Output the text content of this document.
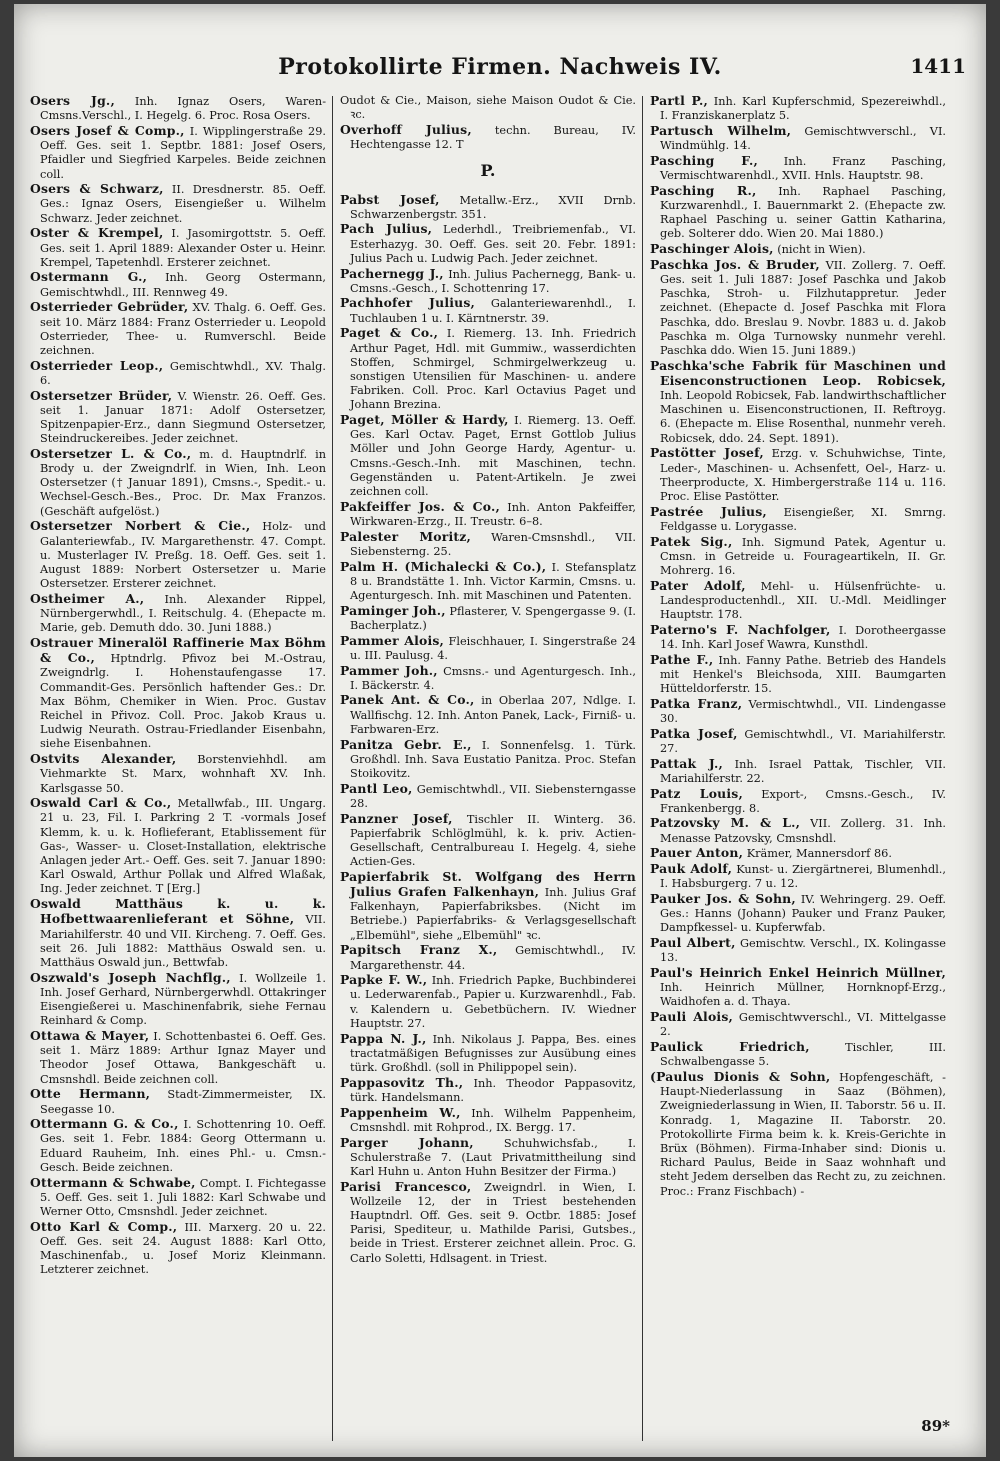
Protokollirte Firmen. Nachweis IV.	1411

Osers Jg., Inh. Ignaz Osers, Waren-Cmsns.Verschl., I. Hegelg. 6. Proc. Rosa Osers.

Osers Josef & Comp., I. Wipplingerstraße 29. Oeff. Ges. seit 1. Septbr. 1881: Josef Osers, Pfaidler und Siegfried Karpeles. Beide zeichnen coll.

Osers & Schwarz, II. Dresdnerstr. 85. Oeff. Ges.: Ignaz Osers, Eisengießer u. Wilhelm Schwarz. Jeder zeichnet.

Oster & Krempel, I. Jasomirgottstr. 5. Oeff. Ges. seit 1. April 1889: Alexander Oster u. Heinr. Krempel, Tapetenhdl. Ersterer zeichnet.

Ostermann G., Inh. Georg Ostermann, Gemischtwhdl., III. Rennweg 49.

Osterrieder Gebrüder, XV. Thalg. 6. Oeff. Ges. seit 10. März 1884: Franz Osterrieder u. Leopold Osterrieder, Thee- u. Rumverschl. Beide zeichnen.

Osterrieder Leop., Gemischtwhdl., XV. Thalg. 6.

Ostersetzer Brüder, V. Wienstr. 26. Oeff. Ges. seit 1. Januar 1871: Adolf Ostersetzer, Spitzenpapier-Erz., dann Siegmund Ostersetzer, Steindruckereibes. Jeder zeichnet.

Ostersetzer L. & Co., m. d. Hauptndrlf. in Brody u. der Zweigndrlf. in Wien, Inh. Leon Ostersetzer († Januar 1891), Cmsns.-, Spedit.- u. Wechsel-Gesch.-Bes., Proc. Dr. Max Franzos. (Geschäft aufgelöst.)

Ostersetzer Norbert & Cie., Holz- und Galanteriewfab., IV. Margarethenstr. 47. Compt. u. Musterlager IV. Preßg. 18. Oeff. Ges. seit 1. August 1889: Norbert Ostersetzer u. Marie Ostersetzer. Ersterer zeichnet.

Ostheimer A., Inh. Alexander Rippel, Nürnbergerwhdl., I. Reitschulg. 4. (Ehepacte m. Marie, geb. Demuth ddo. 30. Juni 1888.)

Ostrauer Mineralöl Raffinerie Max Böhm & Co., Hptndrlg. Pfivoz bei M.-Ostrau, Zweigndrlg. I. Hohenstaufengasse 17. Commandit-Ges. Persönlich haftender Ges.: Dr. Max Böhm, Chemiker in Wien. Proc. Gustav Reichel in Přivoz. Coll. Proc. Jakob Kraus u. Ludwig Neurath. Ostrau-Friedlander Eisenbahn, siehe Eisenbahnen.

Ostvits Alexander, Borstenviehhdl. am Viehmarkte St. Marx, wohnhaft XV. Inh. Karlsgasse 50.

Oswald Carl & Co., Metallwfab., III. Ungarg. 21 u. 23, Fil. I. Parkring 2 T. -vormals Josef Klemm, k. u. k. Hoflieferant, Etablissement für Gas-, Wasser- u. Closet-Installation, elektrische Anlagen jeder Art.- Oeff. Ges. seit 7. Januar 1890: Karl Oswald, Arthur Pollak und Alfred Wlaßak, Ing. Jeder zeichnet. T [Erg.]

Oswald Matthäus k. u. k. Hofbettwaarenlieferant et Söhne, VII. Mariahilferstr. 40 und VII. Kircheng. 7. Oeff. Ges. seit 26. Juli 1882: Matthäus Oswald sen. u. Matthäus Oswald jun., Bettwfab.

Oszwald's Joseph Nachflg., I. Wollzeile 1. Inh. Josef Gerhard, Nürnbergerwhdl. Ottakringer Eisengießerei u. Maschinenfabrik, siehe Fernau Reinhard & Comp.

Ottawa & Mayer, I. Schottenbastei 6. Oeff. Ges. seit 1. März 1889: Arthur Ignaz Mayer und Theodor Josef Ottawa, Bankgeschäft u. Cmsnshdl. Beide zeichnen coll.

Otte Hermann, Stadt-Zimmermeister, IX. Seegasse 10.

Ottermann G. & Co., I. Schottenring 10. Oeff. Ges. seit 1. Febr. 1884: Georg Ottermann u. Eduard Rauheim, Inh. eines Phl.- u. Cmsn.-Gesch. Beide zeichnen.

Ottermann & Schwabe, Compt. I. Fichtegasse 5. Oeff. Ges. seit 1. Juli 1882: Karl Schwabe und Werner Otto, Cmsnshdl. Jeder zeichnet.

Otto Karl & Comp., III. Marxerg. 20 u. 22. Oeff. Ges. seit 24. August 1888: Karl Otto, Maschinenfab., u. Josef Moriz Kleinmann. Letzterer zeichnet.

Oudot & Cie., Maison, siehe Maison Oudot & Cie. ꝛc.

Overhoff Julius, techn. Bureau, IV. Hechtengasse 12. T

P.

Pabst Josef, Metallw.-Erz., XVII Drnb. Schwarzenbergstr. 351.

Pach Julius, Lederhdl., Treibriemenfab., VI. Esterhazyg. 30. Oeff. Ges. seit 20. Febr. 1891: Julius Pach u. Ludwig Pach. Jeder zeichnet.

Pachernegg J., Inh. Julius Pachernegg, Bank- u. Cmsns.-Gesch., I. Schottenring 17.

Pachhofer Julius, Galanteriewarenhdl., I. Tuchlauben 1 u. I. Kärntnerstr. 39.

Paget & Co., I. Riemerg. 13. Inh. Friedrich Arthur Paget, Hdl. mit Gummiw., wasserdichten Stoffen, Schmirgel, Schmirgelwerkzeug u. sonstigen Utensilien für Maschinen- u. andere Fabriken. Coll. Proc. Karl Octavius Paget und Johann Brezina.

Paget, Möller & Hardy, I. Riemerg. 13. Oeff. Ges. Karl Octav. Paget, Ernst Gottlob Julius Möller und John George Hardy, Agentur- u. Cmsns.-Gesch.-Inh. mit Maschinen, techn. Gegenständen u. Patent-Artikeln. Je zwei zeichnen coll.

Pakfeiffer Jos. & Co., Inh. Anton Pakfeiffer, Wirkwaren-Erzg., II. Treustr. 6–8.

Palester Moritz, Waren-Cmsnshdl., VII. Siebensterng. 25.

Palm H. (Michalecki & Co.), I. Stefansplatz 8 u. Brandstätte 1. Inh. Victor Karmin, Cmsns. u. Agenturgesch. Inh. mit Maschinen und Patenten.

Paminger Joh., Pflasterer, V. Spengergasse 9. (I. Bacherplatz.)

Pammer Alois, Fleischhauer, I. Singerstraße 24 u. III. Paulusg. 4.

Pammer Joh., Cmsns.- und Agenturgesch. Inh., I. Bäckerstr. 4.

Panek Ant. & Co., in Oberlaa 207, Ndlge. I. Wallfischg. 12. Inh. Anton Panek, Lack-, Firniß- u. Farbwaren-Erz.

Panitza Gebr. E., I. Sonnenfelsg. 1. Türk. Großhdl. Inh. Sava Eustatio Panitza. Proc. Stefan Stoikovitz.

Pantl Leo, Gemischtwhdl., VII. Siebensterngasse 28.

Panzner Josef, Tischler II. Winterg. 36. Papierfabrik Schlöglmühl, k. k. priv. Actien-Gesellschaft, Centralbureau I. Hegelg. 4, siehe Actien-Ges.

Papierfabrik St. Wolfgang des Herrn Julius Grafen Falkenhayn, Inh. Julius Graf Falkenhayn, Papierfabriksbes. (Nicht im Betriebe.) Papierfabriks- & Verlagsgesellschaft „Elbemühl", siehe „Elbemühl" ꝛc.

Papitsch Franz X., Gemischtwhdl., IV. Margarethenstr. 44.

Papke F. W., Inh. Friedrich Papke, Buchbinderei u. Lederwarenfab., Papier u. Kurzwarenhdl., Fab. v. Kalendern u. Gebetbüchern. IV. Wiedner Hauptstr. 27.

Pappa N. J., Inh. Nikolaus J. Pappa, Bes. eines tractatmäßigen Befugnisses zur Ausübung eines türk. Großhdl. (soll in Philippopel sein).

Pappasovitz Th., Inh. Theodor Pappasovitz, türk. Handelsmann.

Pappenheim W., Inh. Wilhelm Pappenheim, Cmsnshdl. mit Rohprod., IX. Bergg. 17.

Parger Johann,	Schuhwichsfab., I. Schulerstraße 7. (Laut Privatmittheilung sind Karl Huhn u. Anton Huhn Besitzer der Firma.)

Parisi Francesco, Zweigndrl. in Wien, I. Wollzeile 12, der in Triest bestehenden Hauptndrl. Off. Ges. seit 9. Octbr. 1885: Josef Parisi, Spediteur, u. Mathilde Parisi, Gutsbes., beide in Triest. Ersterer zeichnet allein. Proc. G. Carlo Soletti, Hdlsagent. in Triest.

Partl P., Inh. Karl Kupferschmid, Spezereiwhdl., I. Franziskanerplatz 5.

Partusch Wilhelm, Gemischtwverschl., VI. Windmühlg. 14.

Pasching F., Inh. Franz Pasching, Vermischtwarenhdl., XVII. Hnls. Hauptstr. 98.

Pasching R., Inh. Raphael Pasching, Kurzwarenhdl., I. Bauernmarkt 2. (Ehepacte zw. Raphael Pasching u. seiner Gattin Katharina, geb. Solterer ddo. Wien 20. Mai 1880.)

Paschinger Alois, (nicht in Wien).

Paschka Jos. & Bruder, VII. Zollerg. 7. Oeff. Ges. seit 1. Juli 1887: Josef Paschka und Jakob Paschka, Stroh- u. Filzhutappretur. Jeder zeichnet. (Ehepacte d. Josef Paschka mit Flora Paschka, ddo. Breslau 9. Novbr. 1883 u. d. Jakob Paschka m. Olga Turnowsky nunmehr verehl. Paschka ddo. Wien 15. Juni 1889.)

Paschka'sche Fabrik für Maschinen und Eisenconstructionen Leop. Robicsek, Inh. Leopold Robicsek, Fab. landwirthschaftlicher Maschinen u. Eisenconstructionen, II. Reftroyg. 6. (Ehepacte m. Elise Rosenthal, nunmehr vereh. Robicsek, ddo. 24. Sept. 1891).

Pastötter Josef, Erzg. v. Schuhwichse, Tinte, Leder-, Maschinen- u. Achsenfett, Oel-, Harz- u. Theerproducte, X. Himbergerstraße 114 u. 116. Proc. Elise Pastötter.

Pastrée Julius, Eisengießer, XI. Smrng. Feldgasse u. Lorygasse.

Patek Sig., Inh. Sigmund Patek, Agentur u. Cmsn. in Getreide u. Fourageartikeln, II. Gr. Mohrerg. 16.

Pater Adolf, Mehl- u. Hülsenfrüchte- u. Landesproductenhdl., XII. U.-Mdl. Meidlinger Hauptstr. 178.

Paterno's F. Nachfolger, I. Dorotheergasse 14. Inh. Karl Josef Wawra, Kunsthdl.

Pathe F., Inh. Fanny Pathe. Betrieb des Handels mit Henkel's Bleichsoda, XIII. Baumgarten Hütteldorferstr. 15.

Patka Franz, Vermischtwhdl., VII. Lindengasse 30.

Patka Josef, Gemischtwhdl., VI. Mariahilferstr. 27.

Pattak J., Inh. Israel Pattak, Tischler, VII. Mariahilferstr. 22.

Patz Louis, Export-, Cmsns.-Gesch., IV. Frankenbergg. 8.

Patzovsky M. & L., VII. Zollerg. 31. Inh. Menasse Patzovsky, Cmsnshdl.

Pauer Anton, Krämer, Mannersdorf 86.

Pauk Adolf, Kunst- u. Ziergärtnerei, Blumenhdl., I. Habsburgerg. 7 u. 12.

Pauker Jos. & Sohn, IV. Wehringerg. 29. Oeff. Ges.: Hanns (Johann) Pauker und Franz Pauker, Dampfkessel- u. Kupferwfab.

Paul Albert, Gemischtw. Verschl., IX. Kolingasse 13.

Paul's Heinrich Enkel Heinrich Müllner, Inh. Heinrich Müllner, Hornknopf-Erzg., Waidhofen a. d. Thaya.

Pauli Alois, Gemischtwverschl., VI. Mittelgasse 2.

Paulick Friedrich,	Tischler, III. Schwalbengasse 5.

(Paulus Dionis & Sohn, Hopfengeschäft, - Haupt-Niederlassung in Saaz (Böhmen), Zweigniederlassung in Wien, II. Taborstr. 56 u. II. Konradg. 1, Magazine II. Taborstr. 20. Protokollirte Firma beim k. k. Kreis-Gerichte in Brüx (Böhmen). Firma-Inhaber sind: Dionis u. Richard Paulus, Beide in Saaz wohnhaft und steht Jedem derselben das Recht zu, zu zeichnen. Proc.: Franz Fischbach) -

89*
